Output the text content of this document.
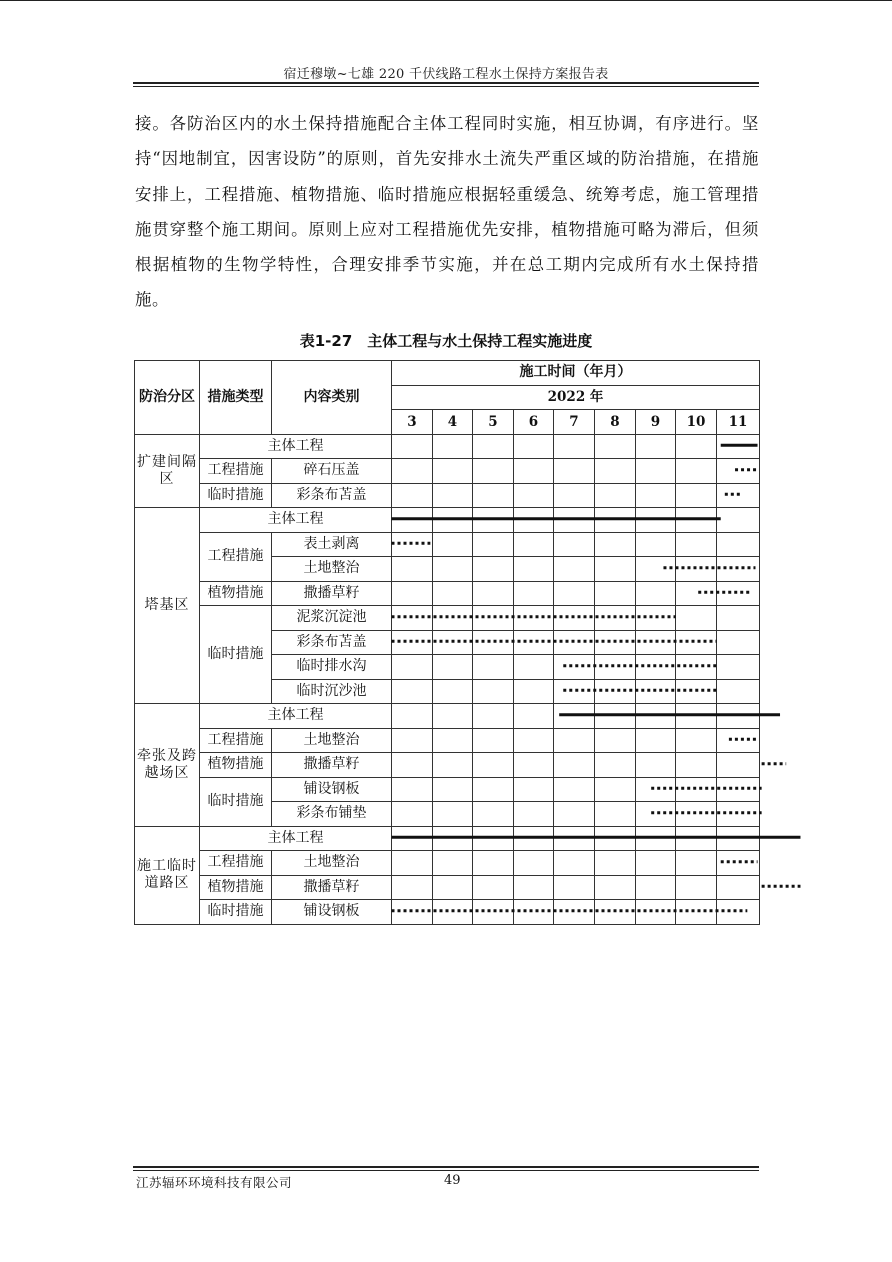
宿迁穆墩~七雄 220 千伏线路工程水土保持方案报告表

接。各防治区内的水土保持措施配合主体工程同时实施，相互协调，有序进行。坚持“因地制宜，因害设防”的原则，首先安排水土流失严重区域的防治措施，在措施安排上，工程措施、植物措施、临时措施应根据轻重缓急、统筹考虑，施工管理措施贯穿整个施工期间。原则上应对工程措施优先安排，植物措施可略为滞后，但须根据植物的生物学特性，合理安排季节实施，并在总工期内完成所有水土保持措施。

表1-27　主体工程与水土保持工程实施进度
防治分区	措施类型	内容类别	施工时间（年月）								
			2022 年								
			3	4	5	6	7	8	9	10	11
扩建间隔区	主体工程										
	工程措施	碎石压盖									
	临时措施	彩条布苫盖									
塔基区	主体工程										
	工程措施	表土剥离									
		土地整治									
	植物措施	撒播草籽									
	临时措施	泥浆沉淀池									
		彩条布苫盖									
		临时排水沟									
		临时沉沙池									
牵张及跨越场区	主体工程										
	工程措施	土地整治									
	植物措施	撒播草籽									
	临时措施	铺设钢板									
		彩条布铺垫									
施工临时道路区	主体工程										
	工程措施	土地整治									
	植物措施	撒播草籽									
	临时措施	铺设钢板									
江苏辐环环境科技有限公司	49
